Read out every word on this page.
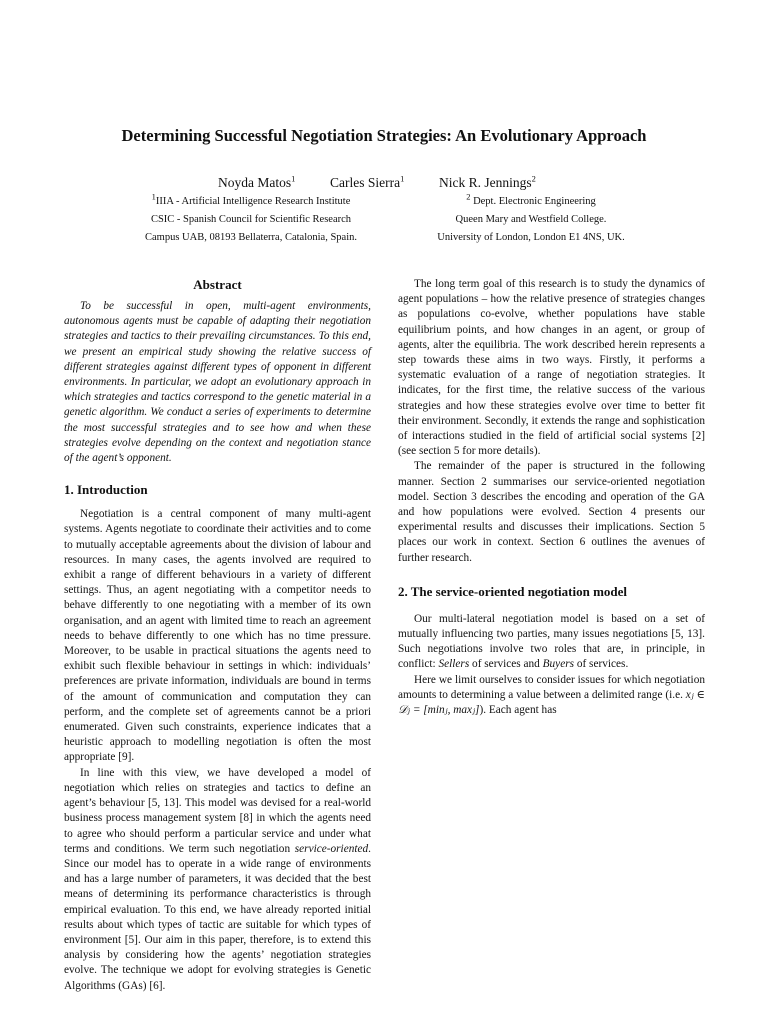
Determining Successful Negotiation Strategies: An Evolutionary Approach
Noyda Matos$^1$	Carles Sierra$^1$	Nick R. Jennings$^2$
$^1$IIIA - Artificial Intelligence Research Institute
CSIC - Spanish Council for Scientific Research
Campus UAB, 08193 Bellaterra, Catalonia, Spain.
$^2$ Dept. Electronic Engineering
Queen Mary and Westfield College.
University of London, London E1 4NS, UK.
Abstract

To be successful in open, multi-agent environments, autonomous agents must be capable of adapting their negotiation strategies and tactics to their prevailing circumstances. To this end, we present an empirical study showing the relative success of different strategies against different types of opponent in different environments. In particular, we adopt an evolutionary approach in which strategies and tactics correspond to the genetic material in a genetic algorithm. We conduct a series of experiments to determine the most successful strategies and to see how and when these strategies evolve depending on the context and negotiation stance of the agent’s opponent.

1. Introduction

Negotiation is a central component of many multi-agent systems. Agents negotiate to coordinate their activities and to come to mutually acceptable agreements about the division of labour and resources. In many cases, the agents involved are required to exhibit a range of different behaviours in a variety of different settings. Thus, an agent negotiating with a competitor needs to behave differently to one negotiating with a member of its own organisation, and an agent with limited time to reach an agreement needs to behave differently to one which has no time pressure. Moreover, to be usable in practical situations the agents need to exhibit such flexible behaviour in settings in which: individuals’ preferences are private information, individuals are bound in terms of the amount of communication and computation they can perform, and the complete set of agreements cannot be a priori enumerated. Given such constraints, experience indicates that a heuristic approach to modelling negotiation is often the most appropriate [9].

In line with this view, we have developed a model of negotiation which relies on strategies and tactics to define an agent’s behaviour [5, 13]. This model was devised for a real-world business process management system [8] in which the agents need to agree who should perform a particular service and under what terms and conditions. We term such negotiation service-oriented. Since our model has to operate in a wide range of environments and has a large number of parameters, it was decided that the best means of determining its performance characteristics is through empirical evaluation. To this end, we have already reported initial results about which types of tactic are suitable for which types of environment [5]. Our aim in this paper, therefore, is to extend this analysis by considering how the agents’ negotiation strategies evolve. The technique we adopt for evolving strategies is Genetic Algorithms (GAs) [6].

The long term goal of this research is to study the dynamics of agent populations – how the relative presence of strategies changes as populations co-evolve, whether populations have stable equilibrium points, and how changes in an agent, or group of agents, alter the equilibria. The work described herein represents a step towards these aims in two ways. Firstly, it performs a systematic evaluation of a range of negotiation strategies. It indicates, for the first time, the relative success of the various strategies and how these strategies evolve over time to better fit their environment. Secondly, it extends the range and sophistication of interactions studied in the field of artificial social systems [2] (see section 5 for more details).

The remainder of the paper is structured in the following manner. Section 2 summarises our service-oriented negotiation model. Section 3 describes the encoding and operation of the GA and how populations were evolved. Section 4 presents our experimental results and discusses their implications. Section 5 places our work in context. Section 6 outlines the avenues of further research.

2. The service-oriented negotiation model

Our multi-lateral negotiation model is based on a set of mutually influencing two parties, many issues negotiations [5, 13]. Such negotiations involve two roles that are, in principle, in conflict: Sellers of services and Buyers of services.

Here we limit ourselves to consider issues for which negotiation amounts to determining a value between a delimited range (i.e. xⱼ ∈ 𝒟ⱼ = [minⱼ, maxⱼ]). Each agent has
